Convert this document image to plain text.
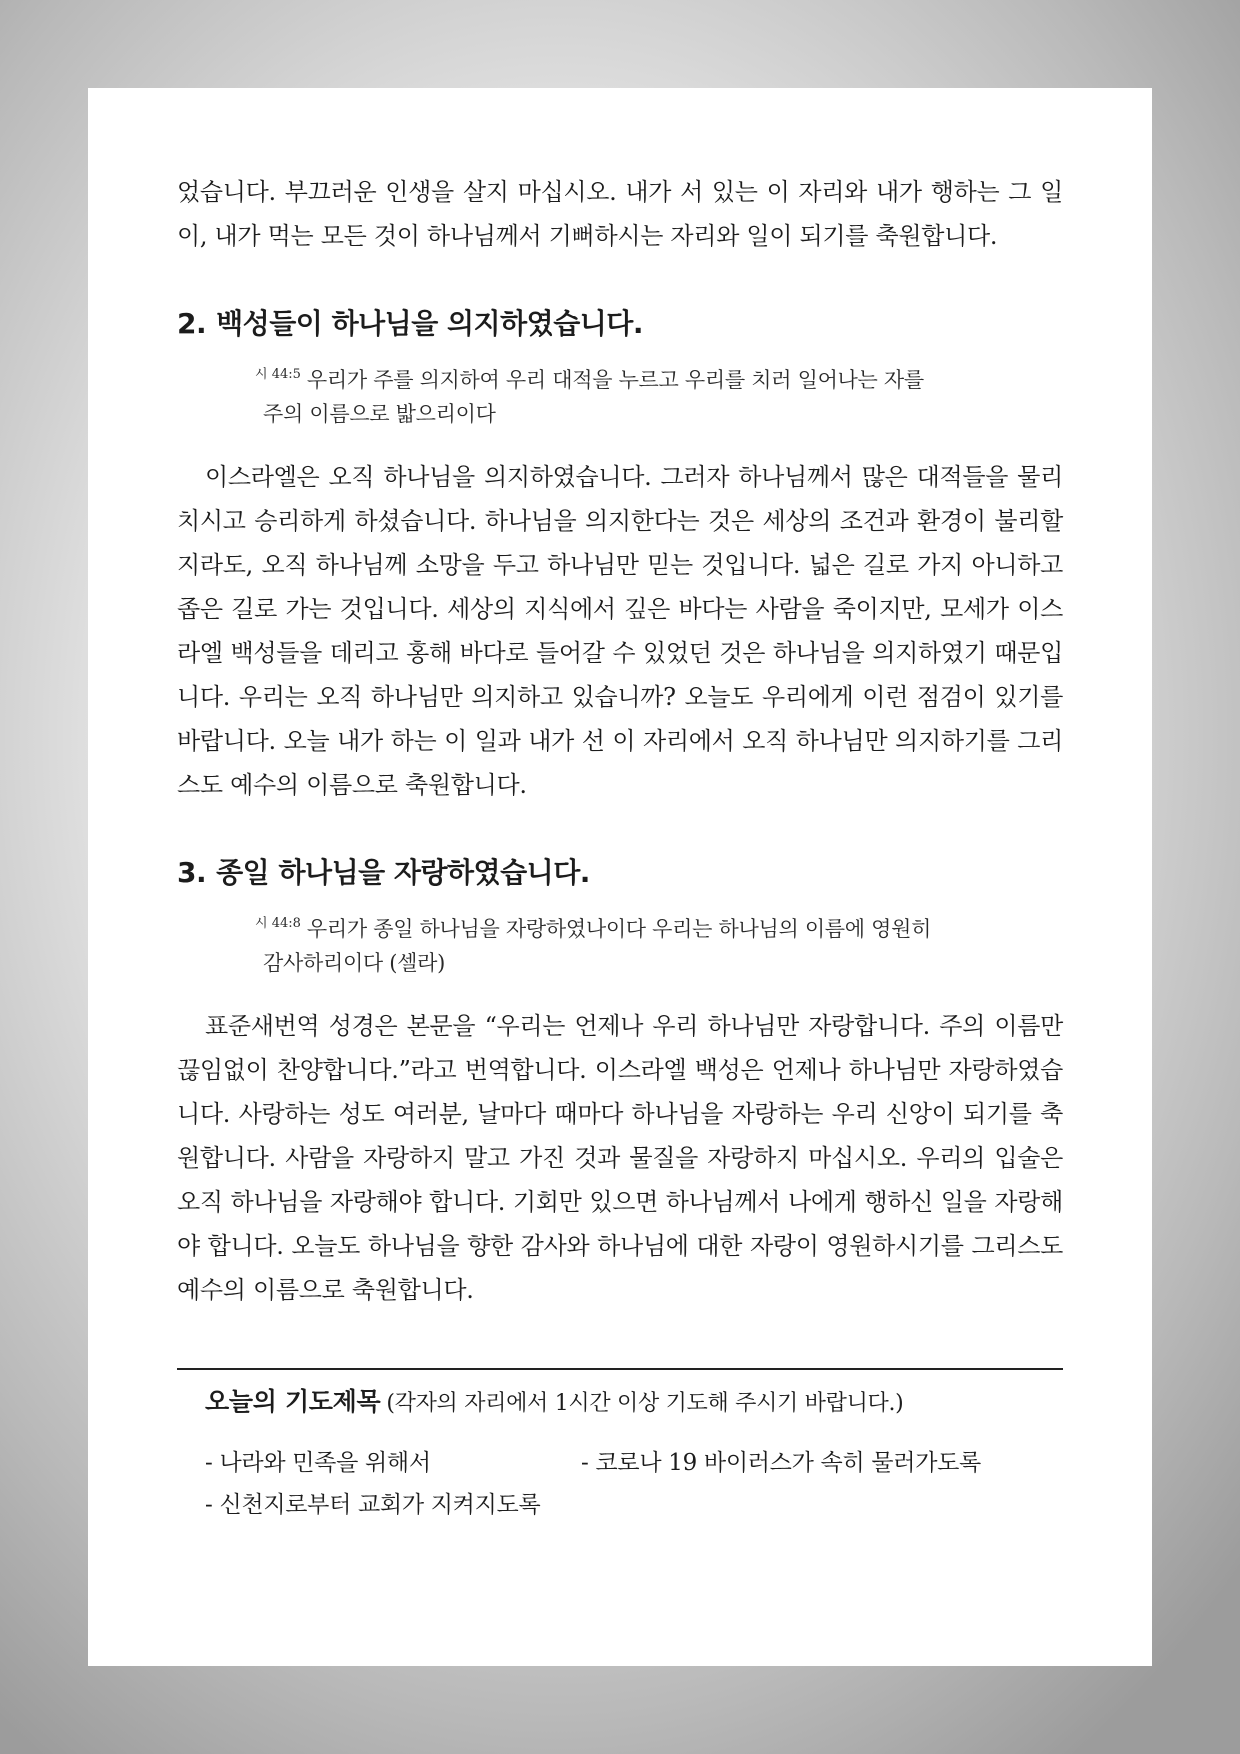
었습니다. 부끄러운 인생을 살지 마십시오. 내가 서 있는 이 자리와 내가 행하는 그 일이, 내가 먹는 모든 것이 하나님께서 기뻐하시는 자리와 일이 되기를 축원합니다.

2. 백성들이 하나님을 의지하였습니다.

$^{시 44:5}$ 우리가 주를 의지하여 우리 대적을 누르고 우리를 치러 일어나는 자를
주의 이름으로 밟으리이다

이스라엘은 오직 하나님을 의지하였습니다. 그러자 하나님께서 많은 대적들을 물리치시고 승리하게 하셨습니다. 하나님을 의지한다는 것은 세상의 조건과 환경이 불리할지라도, 오직 하나님께 소망을 두고 하나님만 믿는 것입니다. 넓은 길로 가지 아니하고 좁은 길로 가는 것입니다. 세상의 지식에서 깊은 바다는 사람을 죽이지만, 모세가 이스라엘 백성들을 데리고 홍해 바다로 들어갈 수 있었던 것은 하나님을 의지하였기 때문입니다. 우리는 오직 하나님만 의지하고 있습니까? 오늘도 우리에게 이런 점검이 있기를 바랍니다. 오늘 내가 하는 이 일과 내가 선 이 자리에서 오직 하나님만 의지하기를 그리스도 예수의 이름으로 축원합니다.

3. 종일 하나님을 자랑하였습니다.

$^{시 44:8}$ 우리가 종일 하나님을 자랑하였나이다 우리는 하나님의 이름에 영원히
감사하리이다 (셀라)

표준새번역 성경은 본문을 “우리는 언제나 우리 하나님만 자랑합니다. 주의 이름만 끊임없이 찬양합니다.”라고 번역합니다. 이스라엘 백성은 언제나 하나님만 자랑하였습니다. 사랑하는 성도 여러분, 날마다 때마다 하나님을 자랑하는 우리 신앙이 되기를 축원합니다. 사람을 자랑하지 말고 가진 것과 물질을 자랑하지 마십시오. 우리의 입술은 오직 하나님을 자랑해야 합니다. 기회만 있으면 하나님께서 나에게 행하신 일을 자랑해야 합니다. 오늘도 하나님을 향한 감사와 하나님에 대한 자랑이 영원하시기를 그리스도 예수의 이름으로 축원합니다.

오늘의 기도제목 (각자의 자리에서 1시간 이상 기도해 주시기 바랍니다.)

- 나라와 민족을 위해서	- 코로나 19 바이러스가 속히 물러가도록
- 신천지로부터 교회가 지켜지도록
